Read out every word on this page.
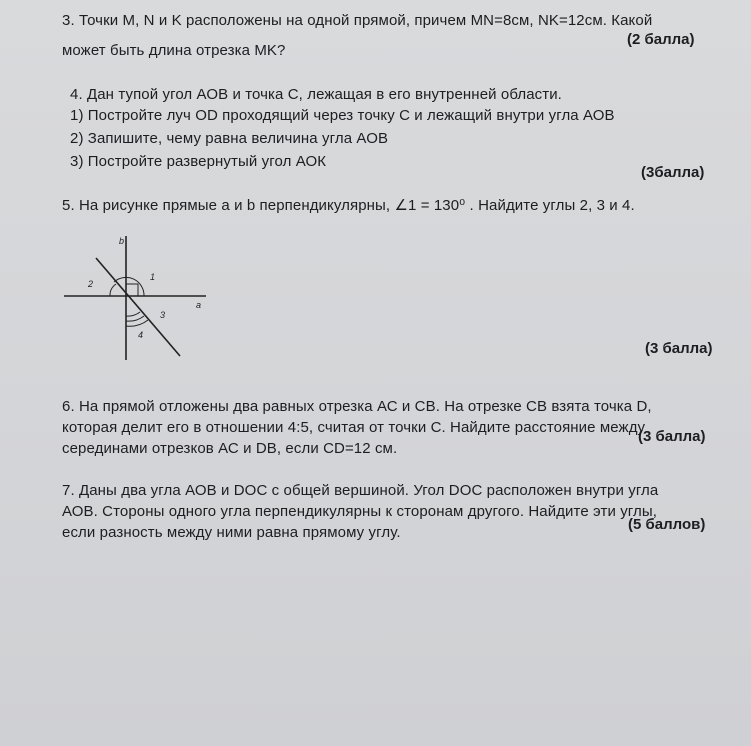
3. Точки M, N и K расположены на одной прямой, причем MN=8см, NK=12см. Какой
может быть длина отрезка MK?
(2 балла)
4. Дан тупой угол АОВ и точка С, лежащая в его внутренней области.
1) Постройте луч OD проходящий через точку С и лежащий внутри угла АОВ
2) Запишите, чему равна величина угла АОВ
3) Постройте развернутый угол АОК
(3балла)
5. На рисунке прямые a и b перпендикулярны, ∠1 = 130⁰ . Найдите углы 2, 3 и 4.
b
a
1
2
3
4
(3 балла)
6. На прямой отложены два равных отрезка АС и СВ. На отрезке СВ взята точка D,
которая делит его в отношении 4:5, считая от точки С. Найдите расстояние между
серединами отрезков АС и DB, если CD=12 см.
(3 балла)
7. Даны два угла АОВ и DOC с общей вершиной. Угол DOC расположен внутри угла
АОВ. Стороны одного угла перпендикулярны к сторонам другого. Найдите эти углы,
если разность между ними равна прямому углу.	(5 баллов)
